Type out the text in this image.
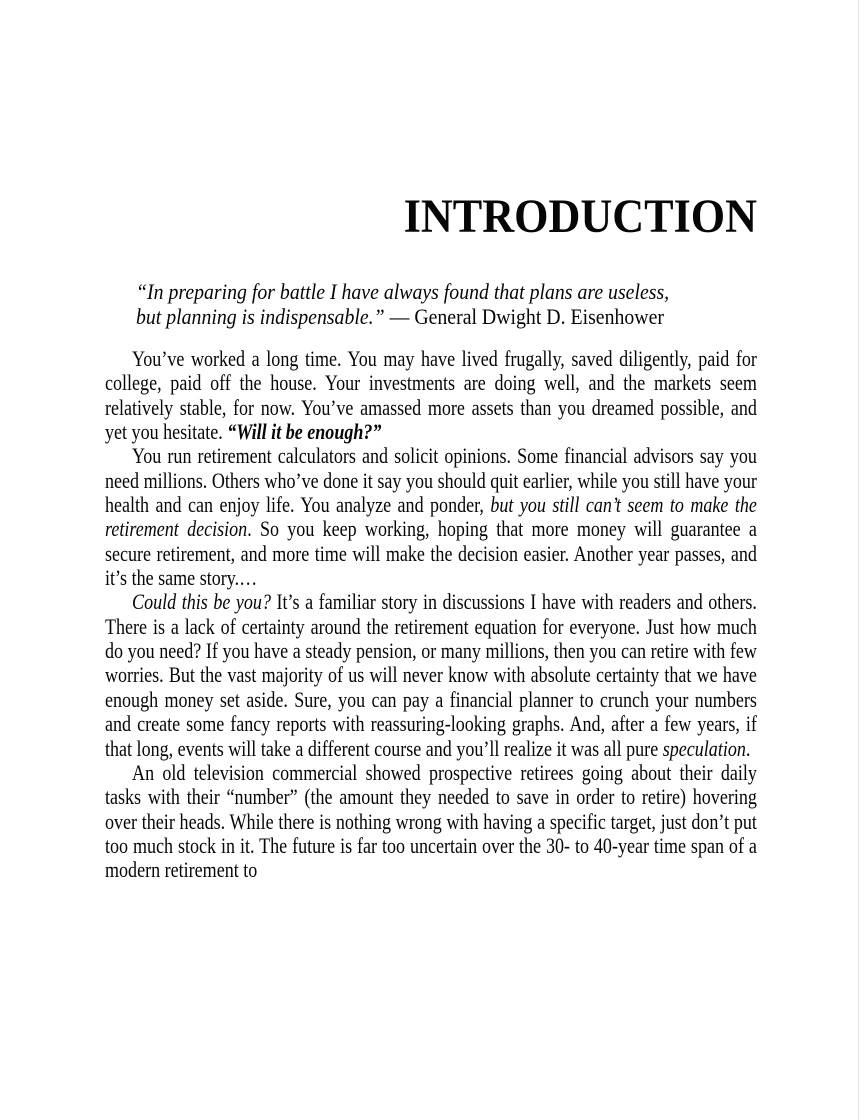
INTRODUCTION
“In preparing for battle I have always found that plans are useless,
but planning is indispensable.” — General Dwight D. Eisenhower

You’ve worked a long time. You may have lived frugally, saved diligently, paid for college, paid off the house. Your investments are doing well, and the markets seem relatively stable, for now. You’ve amassed more assets than you dreamed possible, and yet you hesitate. “Will it be enough?”

You run retirement calculators and solicit opinions. Some financial advisors say you need millions. Others who’ve done it say you should quit earlier, while you still have your health and can enjoy life. You analyze and ponder, but you still can’t seem to make the retirement decision. So you keep working, hoping that more money will guarantee a secure retirement, and more time will make the decision easier. Another year passes, and it’s the same story.…

Could this be you? It’s a familiar story in discussions I have with readers and others. There is a lack of certainty around the retirement equation for everyone. Just how much do you need? If you have a steady pension, or many millions, then you can retire with few worries. But the vast majority of us will never know with absolute certainty that we have enough money set aside. Sure, you can pay a financial planner to crunch your numbers and create some fancy reports with reassuring-looking graphs. And, after a few years, if that long, events will take a different course and you’ll realize it was all pure speculation.

An old television commercial showed prospective retirees going about their daily tasks with their “number” (the amount they needed to save in order to retire) hovering over their heads. While there is nothing wrong with having a specific target, just don’t put too much stock in it. The future is far too uncertain over the 30- to 40-year time span of a modern retirement to
